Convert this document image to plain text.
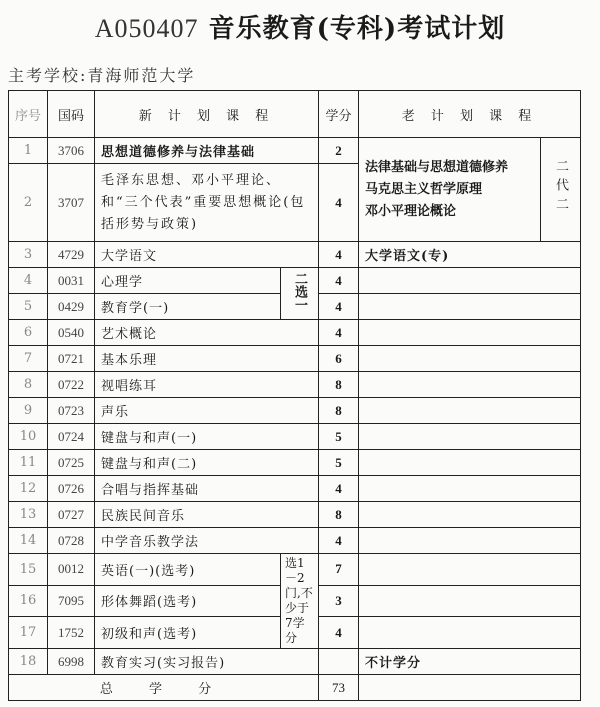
A050407 音乐教育(专科)考试计划
主考学校:青海师范大学
序号	国码	新 计 划 课 程		学分	老 计 划 课 程	
1	3706	思想道德修养与法律基础		2	法律基础与思想道德修养
马克思主义哲学原理
邓小平理论概论	二代二
2	3707	毛泽东思想、邓小平理论、和“三个代表”重要思想概论(包括形势与政策)		4		
3	4729	大学语文		4	大学语文(专)	
4	0031	心理学	二选一	4		
5	0429	教育学(一)		4		
6	0540	艺术概论		4		
7	0721	基本乐理		6		
8	0722	视唱练耳		8		
9	0723	声乐		8		
10	0724	键盘与和声(一)		5		
11	0725	键盘与和声(二)		5		
12	0726	合唱与指挥基础		4		
13	0727	民族民间音乐		8		
14	0728	中学音乐教学法		4		
15	0012	英语(一)(选考)	选1－2门,不少于7学分	7		
16	7095	形体舞蹈(选考)		3		
17	1752	初级和声(选考)		4		
18	6998	教育实习(实习报告)			不计学分	
总 学 分				73		
